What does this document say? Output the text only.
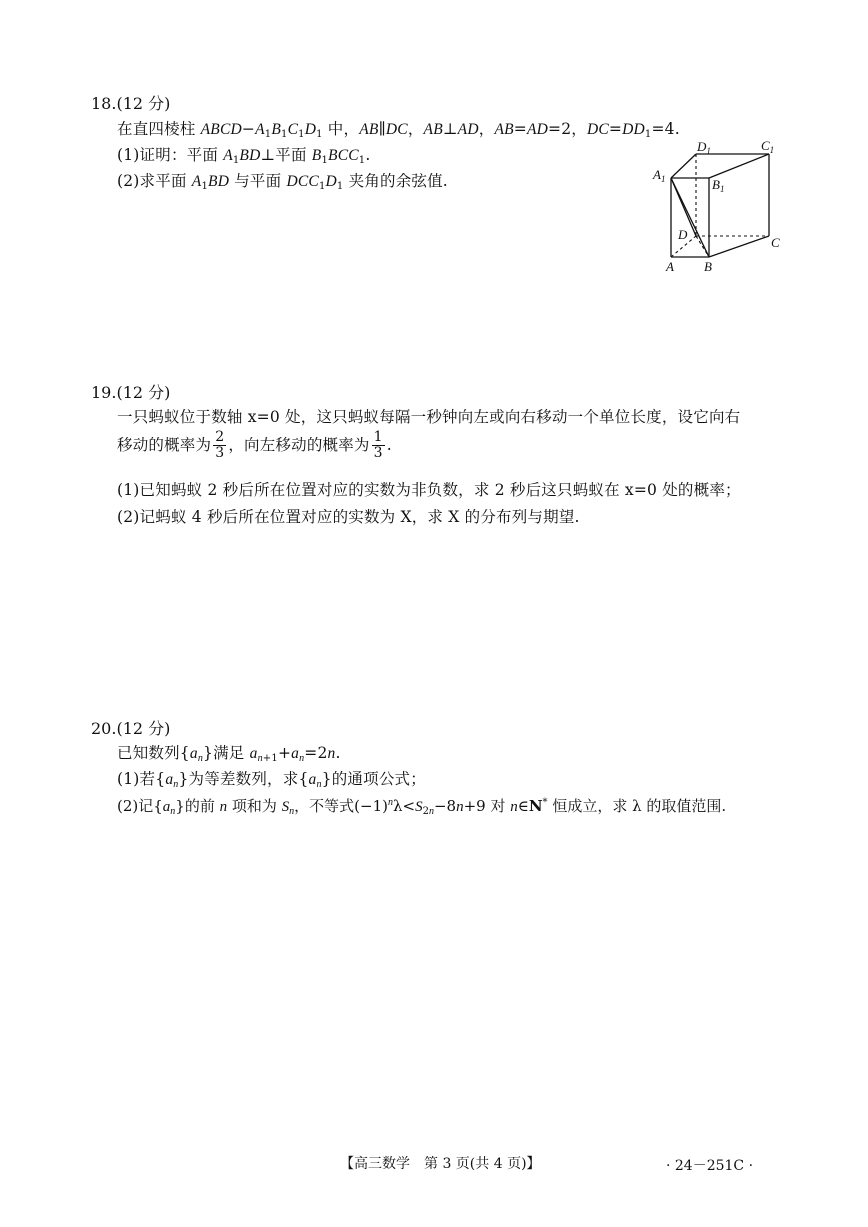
18.(12 分)
在直四棱柱 $ABCD-A_1B_1C_1D_1$ 中，AB∥DC，AB⊥AD，AB=AD=2，$DC=DD_1=4$.
(1)证明：平面 $A_1BD\perp$平面 $B_1BCC_1$.
(2)求平面 $A_1BD$ 与平面 $DCC_1D_1$ 夹角的余弦值.	$A_1$	$B_1$
$D_1$	$C_1$
D
C
A B
19.(12 分)
一只蚂蚁位于数轴 x=0 处，这只蚂蚁每隔一秒钟向左或向右移动一个单位长度，设它向右
移动的概率为 $\frac{2}{3}$ ，向左移动的概率为 $\frac{1}{3}$ .
(1)已知蚂蚁 2 秒后所在位置对应的实数为非负数，求 2 秒后这只蚂蚁在 x=0 处的概率；
(2)记蚂蚁 4 秒后所在位置对应的实数为 X，求 X 的分布列与期望.
20.(12 分)
已知数列$\{a_n\}$满足 $a_{n+1}+a_n=2n$.
(1)若$\{a_n\}$为等差数列，求$\{a_n\}$的通项公式；
(2)记$\{a_n\}$的前 n 项和为 $S_n$，不等式$(-1)^n\lambda<S_{2n}-8n+9$ 对 n∈N* 恒成立，求 λ 的取值范围.
【高三数学　第 3 页(共 4 页)】	· 24－251C ·
